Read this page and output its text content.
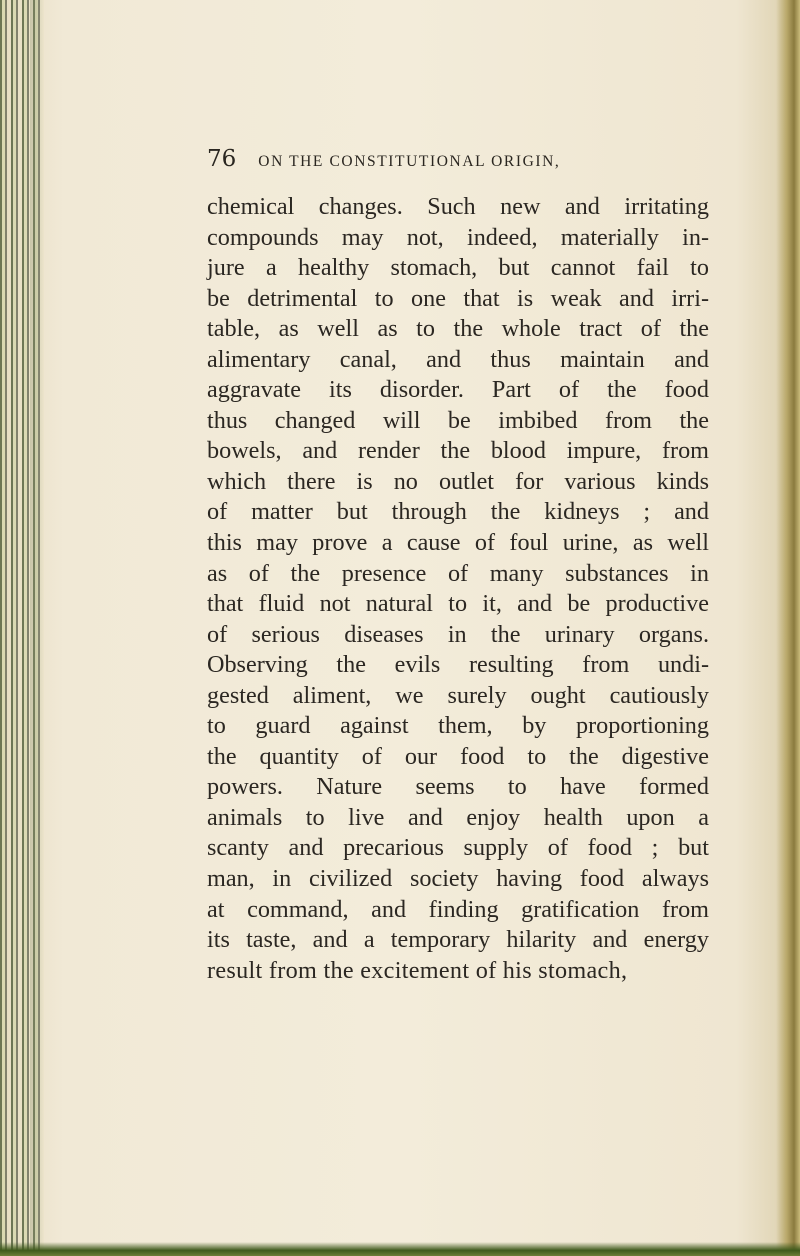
76 ON THE CONSTITUTIONAL ORIGIN,
chemical changes. Such new and irritating
compounds may not, indeed, materially in-
jure a healthy stomach, but cannot fail to
be detrimental to one that is weak and irri-
table, as well as to the whole tract of the
alimentary canal, and thus maintain and
aggravate its disorder. Part of the food
thus changed will be imbibed from the
bowels, and render the blood impure, from
which there is no outlet for various kinds
of matter but through the kidneys ; and
this may prove a cause of foul urine, as well
as of the presence of many substances in
that fluid not natural to it, and be productive
of serious diseases in the urinary organs.
Observing the evils resulting from undi-
gested aliment, we surely ought cautiously
to guard against them, by proportioning
the quantity of our food to the digestive
powers. Nature seems to have formed
animals to live and enjoy health upon a
scanty and precarious supply of food ; but
man, in civilized society having food always
at command, and finding gratification from
its taste, and a temporary hilarity and energy
result from the excitement of his stomach,
